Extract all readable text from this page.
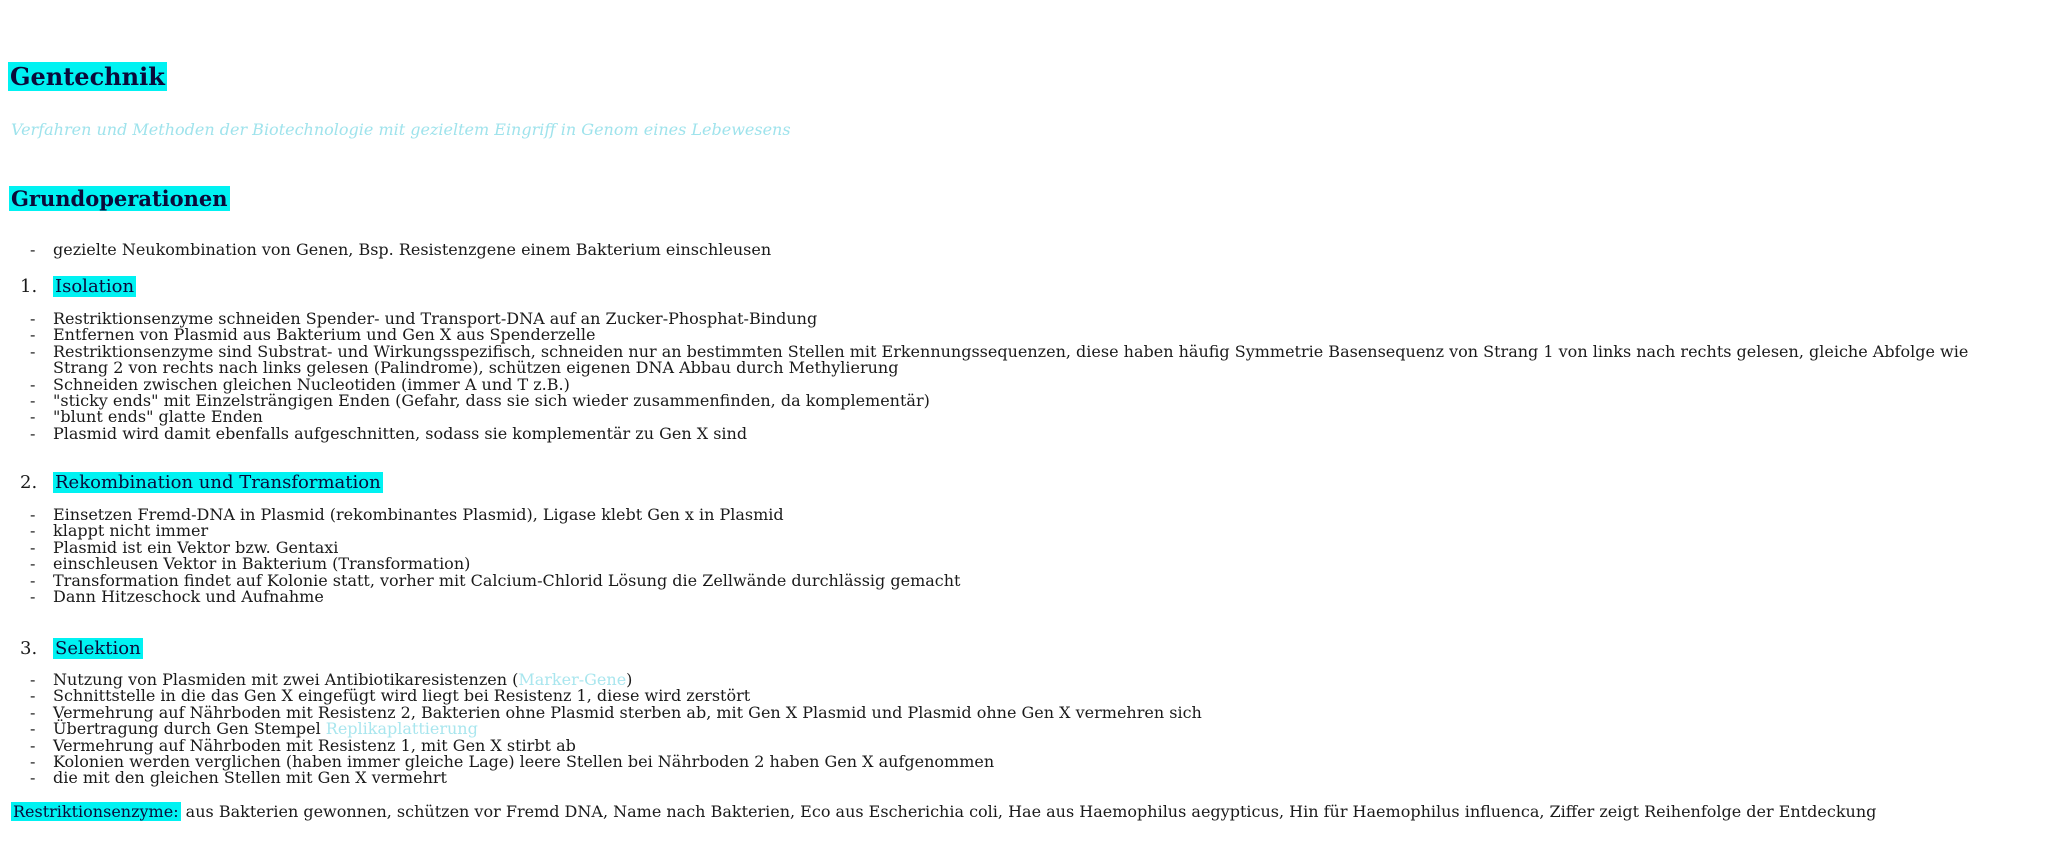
Gentechnik

Verfahren und Methoden der Biotechnologie mit gezieltem Eingriff in Genom eines Lebewesens

Grundoperationen
- gezielte Neukombination von Genen, Bsp. Resistenzgene einem Bakterium einschleusen
1. Isolation
- Restriktionsenzyme schneiden Spender- und Transport-DNA auf an Zucker-Phosphat-Bindung
- Entfernen von Plasmid aus Bakterium und Gen X aus Spenderzelle
- Restriktionsenzyme sind Substrat- und Wirkungsspezifisch, schneiden nur an bestimmten Stellen mit Erkennungssequenzen, diese haben häufig Symmetrie Basensequenz von Strang 1 von links nach rechts gelesen, gleiche Abfolge wie Strang 2 von rechts nach links gelesen (Palindrome), schützen eigenen DNA Abbau durch Methylierung
- Schneiden zwischen gleichen Nucleotiden (immer A und T z.B.)
- "sticky ends" mit Einzelsträngigen Enden (Gefahr, dass sie sich wieder zusammenfinden, da komplementär)
- "blunt ends" glatte Enden
- Plasmid wird damit ebenfalls aufgeschnitten, sodass sie komplementär zu Gen X sind
2. Rekombination und Transformation
- Einsetzen Fremd-DNA in Plasmid (rekombinantes Plasmid), Ligase klebt Gen x in Plasmid
- klappt nicht immer
- Plasmid ist ein Vektor bzw. Gentaxi
- einschleusen Vektor in Bakterium (Transformation)
- Transformation findet auf Kolonie statt, vorher mit Calcium-Chlorid Lösung die Zellwände durchlässig gemacht
- Dann Hitzeschock und Aufnahme
3. Selektion
- Nutzung von Plasmiden mit zwei Antibiotikaresistenzen (Marker-Gene)
- Schnittstelle in die das Gen X eingefügt wird liegt bei Resistenz 1, diese wird zerstört
- Vermehrung auf Nährboden mit Resistenz 2, Bakterien ohne Plasmid sterben ab, mit Gen X Plasmid und Plasmid ohne Gen X vermehren sich
- Übertragung durch Gen Stempel Replikaplattierung
- Vermehrung auf Nährboden mit Resistenz 1, mit Gen X stirbt ab
- Kolonien werden verglichen (haben immer gleiche Lage) leere Stellen bei Nährboden 2 haben Gen X aufgenommen
- die mit den gleichen Stellen mit Gen X vermehrt
Restriktionsenzyme: aus Bakterien gewonnen, schützen vor Fremd DNA, Name nach Bakterien, Eco aus Escherichia coli, Hae aus Haemophilus aegypticus, Hin für Haemophilus influenca, Ziffer zeigt Reihenfolge der Entdeckung
